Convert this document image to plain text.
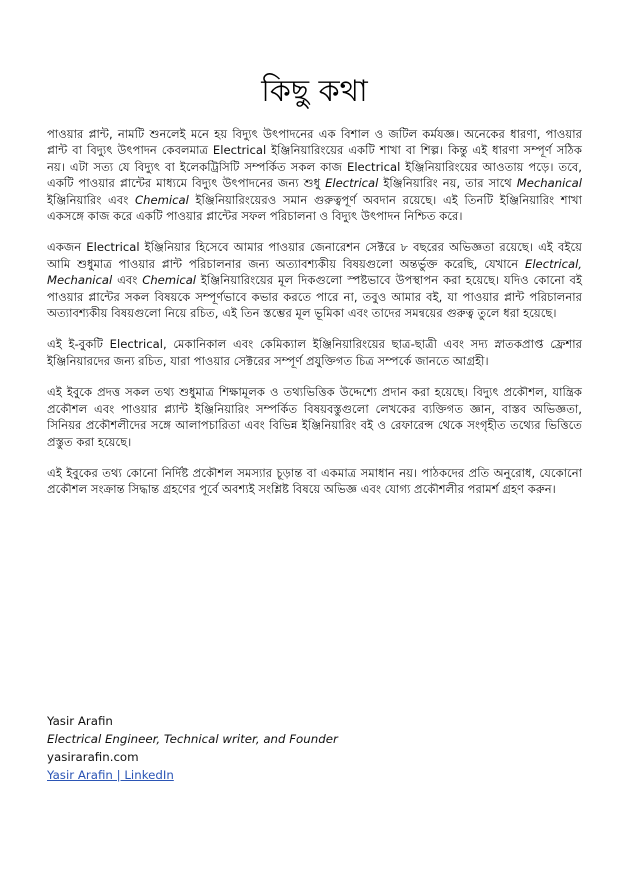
কিছু কথা

পাওয়ার প্লান্ট, নামটি শুনলেই মনে হয় বিদ্যুৎ উৎপাদনের এক বিশাল ও জটিল কর্মযজ্ঞ। অনেকের ধারণা, পাওয়ার প্লান্ট বা বিদ্যুৎ উৎপাদন কেবলমাত্র Electrical ইঞ্জিনিয়ারিংয়ের একটি শাখা বা শিল্প। কিন্তু এই ধারণা সম্পূর্ণ সঠিক নয়। এটা সত্য যে বিদ্যুৎ বা ইলেকট্রিসিটি সম্পর্কিত সকল কাজ Electrical ইঞ্জিনিয়ারিংয়ের আওতায় পড়ে। তবে, একটি পাওয়ার প্লান্টের মাধ্যমে বিদ্যুৎ উৎপাদনের জন্য শুধু Electrical ইঞ্জিনিয়ারিং নয়, তার সাথে Mechanical ইঞ্জিনিয়ারিং এবং Chemical ইঞ্জিনিয়ারিংয়েরও সমান গুরুত্বপূর্ণ অবদান রয়েছে। এই তিনটি ইঞ্জিনিয়ারিং শাখা একসঙ্গে কাজ করে একটি পাওয়ার প্লান্টের সফল পরিচালনা ও বিদ্যুৎ উৎপাদন নিশ্চিত করে।

একজন Electrical ইঞ্জিনিয়ার হিসেবে আমার পাওয়ার জেনারেশন সেক্টরে ৮ বছরের অভিজ্ঞতা রয়েছে। এই বইয়ে আমি শুধুমাত্র পাওয়ার প্লান্ট পরিচালনার জন্য অত্যাবশ্যকীয় বিষয়গুলো অন্তর্ভুক্ত করেছি, যেখানে Electrical, Mechanical এবং Chemical ইঞ্জিনিয়ারিংয়ের মূল দিকগুলো স্পষ্টভাবে উপস্থাপন করা হয়েছে। যদিও কোনো বই পাওয়ার প্লান্টের সকল বিষয়কে সম্পূর্ণভাবে কভার করতে পারে না, তবুও আমার বই, যা পাওয়ার প্লান্ট পরিচালনার অত্যাবশ্যকীয় বিষয়গুলো নিয়ে রচিত, এই তিন স্তম্ভের মূল ভূমিকা এবং তাদের সমন্বয়ের গুরুত্ব তুলে ধরা হয়েছে।

এই ই-বুকটি Electrical, মেকানিকাল এবং কেমিক্যাল ইঞ্জিনিয়ারিংয়ের ছাত্র-ছাত্রী এবং সদ্য স্নাতকপ্রাপ্ত ফ্রেশার ইঞ্জিনিয়ারদের জন্য রচিত, যারা পাওয়ার সেক্টরের সম্পূর্ণ প্রযুক্তিগত চিত্র সম্পর্কে জানতে আগ্রহী।

এই ইবুকে প্রদত্ত সকল তথ্য শুধুমাত্র শিক্ষামূলক ও তথ্যভিত্তিক উদ্দেশ্যে প্রদান করা হয়েছে। বিদ্যুৎ প্রকৌশল, যান্ত্রিক প্রকৌশল এবং পাওয়ার প্ল্যান্ট ইঞ্জিনিয়ারিং সম্পর্কিত বিষয়বস্তুগুলো লেখকের ব্যক্তিগত জ্ঞান, বাস্তব অভিজ্ঞতা, সিনিয়র প্রকৌশলীদের সঙ্গে আলাপচারিতা এবং বিভিন্ন ইঞ্জিনিয়ারিং বই ও রেফারেন্স থেকে সংগৃহীত তথ্যের ভিত্তিতে প্রস্তুত করা হয়েছে।

এই ইবুকের তথ্য কোনো নির্দিষ্ট প্রকৌশল সমস্যার চূড়ান্ত বা একমাত্র সমাধান নয়। পাঠকদের প্রতি অনুরোধ, যেকোনো প্রকৌশল সংক্রান্ত সিদ্ধান্ত গ্রহণের পূর্বে অবশ্যই সংশ্লিষ্ট বিষয়ে অভিজ্ঞ এবং যোগ্য প্রকৌশলীর পরামর্শ গ্রহণ করুন।

Yasir Arafin
Electrical Engineer, Technical writer, and Founder
yasirarafin.com
Yasir Arafin | LinkedIn
